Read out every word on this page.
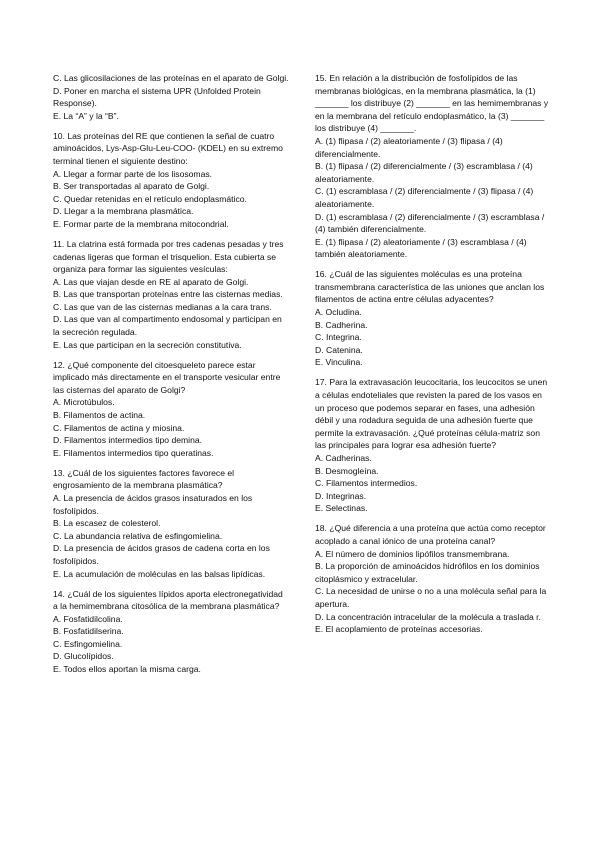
C. Las glicosilaciones de las proteínas en el aparato de Golgi.
D. Poner en marcha el sistema UPR (Unfolded Protein Response).
E. La “A” y la “B”.
10. Las proteínas del RE que contienen la señal de cuatro aminoácidos, Lys-Asp-Glu-Leu-COO- (KDEL) en su extremo terminal tienen el siguiente destino:
A. Llegar a formar parte de los lisosomas.
B. Ser transportadas al aparato de Golgi.
C. Quedar retenidas en el retículo endoplasmático.
D. Llegar a la membrana plasmática.
E. Formar parte de la membrana mitocondrial.
11. La clatrina está formada por tres cadenas pesadas y tres cadenas ligeras que forman el trisquelion. Esta cubierta se organiza para formar las siguientes vesículas:
A. Las que viajan desde en RE al aparato de Golgi.
B. Las que transportan proteínas entre las cisternas medias.
C. Las que van de las cisternas medianas a la cara trans.
D. Las que van al compartimento endosomal y participan en la secreción regulada.
E. Las que participan en la secreción constitutiva.
12. ¿Qué componente del citoesqueleto parece estar implicado más directamente en el transporte vesicular entre las cisternas del aparato de Golgi?
A. Microtúbulos.
B. Filamentos de actina.
C. Filamentos de actina y miosina.
D. Filamentos intermedios tipo demina.
E. Filamentos intermedios tipo queratinas.
13. ¿Cuál de los siguientes factores favorece el engrosamiento de la membrana plasmática?
A. La presencia de ácidos grasos insaturados en los fosfolípidos.
B. La escasez de colesterol.
C. La abundancia relativa de esfingomielina.
D. La presencia de ácidos grasos de cadena corta en los fosfolípidos.
E. La acumulación de moléculas en las balsas lipídicas.
14. ¿Cuál de los siguientes lípidos aporta electronegatividad a la hemimembrana citosólica de la membrana plasmática?
A. Fosfatidilcolina.
B. Fosfatidilserina.
C. Esfingomielina.
D. Glucolípidos.
E. Todos ellos aportan la misma carga.
15. En relación a la distribución de fosfolípidos de las membranas biológicas, en la membrana plasmática, la (1) _______ los distribuye (2) _______ en las hemimembranas y en la membrana del retículo endoplasmático, la (3) _______ los distribuye (4) _______.
A. (1) flipasa / (2) aleatoriamente / (3) flipasa / (4) diferencialmente.
B. (1) flipasa / (2) diferencialmente / (3) escramblasa / (4) aleatoriamente.
C. (1) escramblasa / (2) diferencialmente / (3) flipasa / (4) aleatoriamente.
D. (1) escramblasa / (2) diferencialmente / (3) escramblasa / (4) también diferencialmente.
E. (1) flipasa / (2) aleatoriamente / (3) escramblasa / (4) también aleatoriamente.
16. ¿Cuál de las siguientes moléculas es una proteína transmembrana característica de las uniones que anclan los filamentos de actina entre células adyacentes?
A. Ocludina.
B. Cadherina.
C. Integrina.
D. Catenina.
E. Vinculina.
17. Para la extravasación leucocitaria, los leucocitos se unen a células endoteliales que revisten la pared de los vasos en un proceso que podemos separar en fases, una adhesión débil y una rodadura seguida de una adhesión fuerte que permite la extravasación. ¿Qué proteínas célula-matriz son las principales para lograr esa adhesión fuerte?
A. Cadherinas.
B. Desmogleína.
C. Filamentos intermedios.
D. Integrinas.
E. Selectinas.
18. ¿Qué diferencia a una proteína que actúa como receptor acoplado a canal iónico de una proteína canal?
A. El número de dominios lipófilos transmembrana.
B. La proporción de aminoácidos hidrófilos en los dominios citoplásmico y extracelular.
C. La necesidad de unirse o no a una molécula señal para la apertura.
D. La concentración intracelular de la molécula a traslada r.
E. El acoplamiento de proteínas accesorias.
